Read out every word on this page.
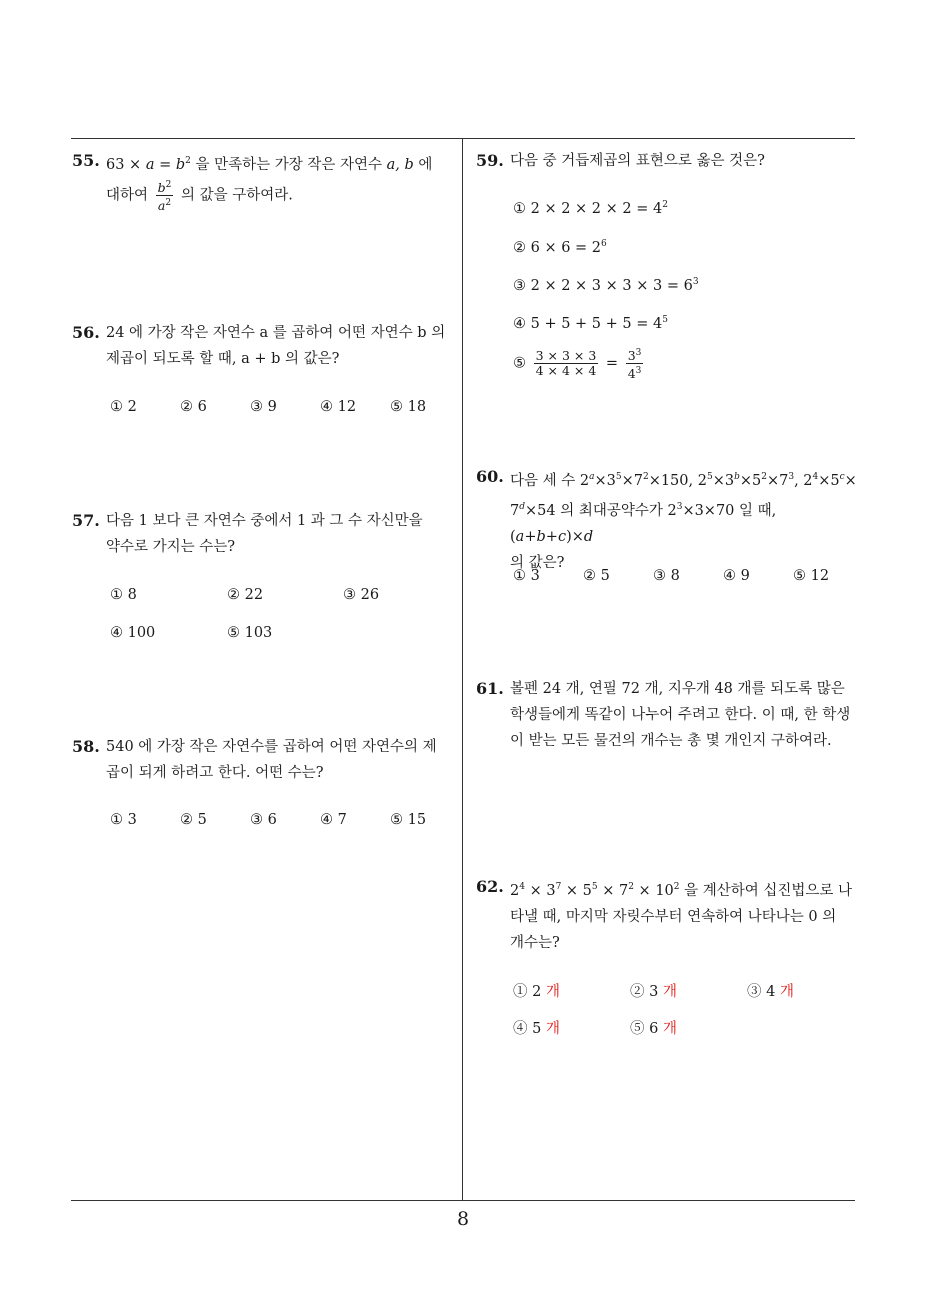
55. $63 \times a = b^2$ 을 만족하는 가장 작은 자연수 a, b 에
대하여 $\frac{b^2}{a^2}$ 의 값을 구하여라.
56. 24 에 가장 작은 자연수 a 를 곱하여 어떤 자연수 b 의
제곱이 되도록 할 때, a + b 의 값은?
① 2	② 6	③ 9	④ 12 ⑤ 18
57. 다음 1 보다 큰 자연수 중에서 1 과 그 수 자신만을
약수로 가지는 수는?
① 8	② 22	③ 26
④ 100	⑤ 103
58. 540 에 가장 작은 자연수를 곱하여 어떤 자연수의 제
곱이 되게 하려고 한다. 어떤 수는?
① 3	② 5	③ 6	④ 7	⑤ 15
59. 다음 중 거듭제곱의 표현으로 옳은 것은?
① $2 \times 2 \times 2 \times 2 = 4^2$
② $6 \times 6 = 2^6$
③ $2 \times 2 \times 3 \times 3 \times 3 = 6^3$
④ $5 + 5 + 5 + 5 = 4^5$
⑤ $\frac{3 \times 3 \times 3}{4 \times 4 \times 4} = \frac{3^3}{4^3}$
60. 다음 세 수 $2^a\times 3^5\times 7^2\times 150$, $2^5\times 3^b\times 5^2\times 7^3$, $2^4\times 5^c\times$
$7^d\times 54$ 의 최대공약수가 $2^3\times 3\times 70$ 일 때, (a+b+c)×d
의 값은?
① 3	② 5	③ 8	④ 9	⑤ 12
61. 볼펜 24 개, 연필 72 개, 지우개 48 개를 되도록 많은
학생들에게 똑같이 나누어 주려고 한다. 이 때, 한 학생
이 받는 모든 물건의 개수는 총 몇 개인지 구하여라.
62. $2^4 \times 3^7 \times 5^5 \times 7^2 \times 10^2$ 을 계산하여 십진법으로 나
타낼 때, 마지막 자릿수부터 연속하여 나타나는 0 의
개수는?
① 2 개	② 3 개	③ 4 개
④ 5 개	⑤ 6 개
8
